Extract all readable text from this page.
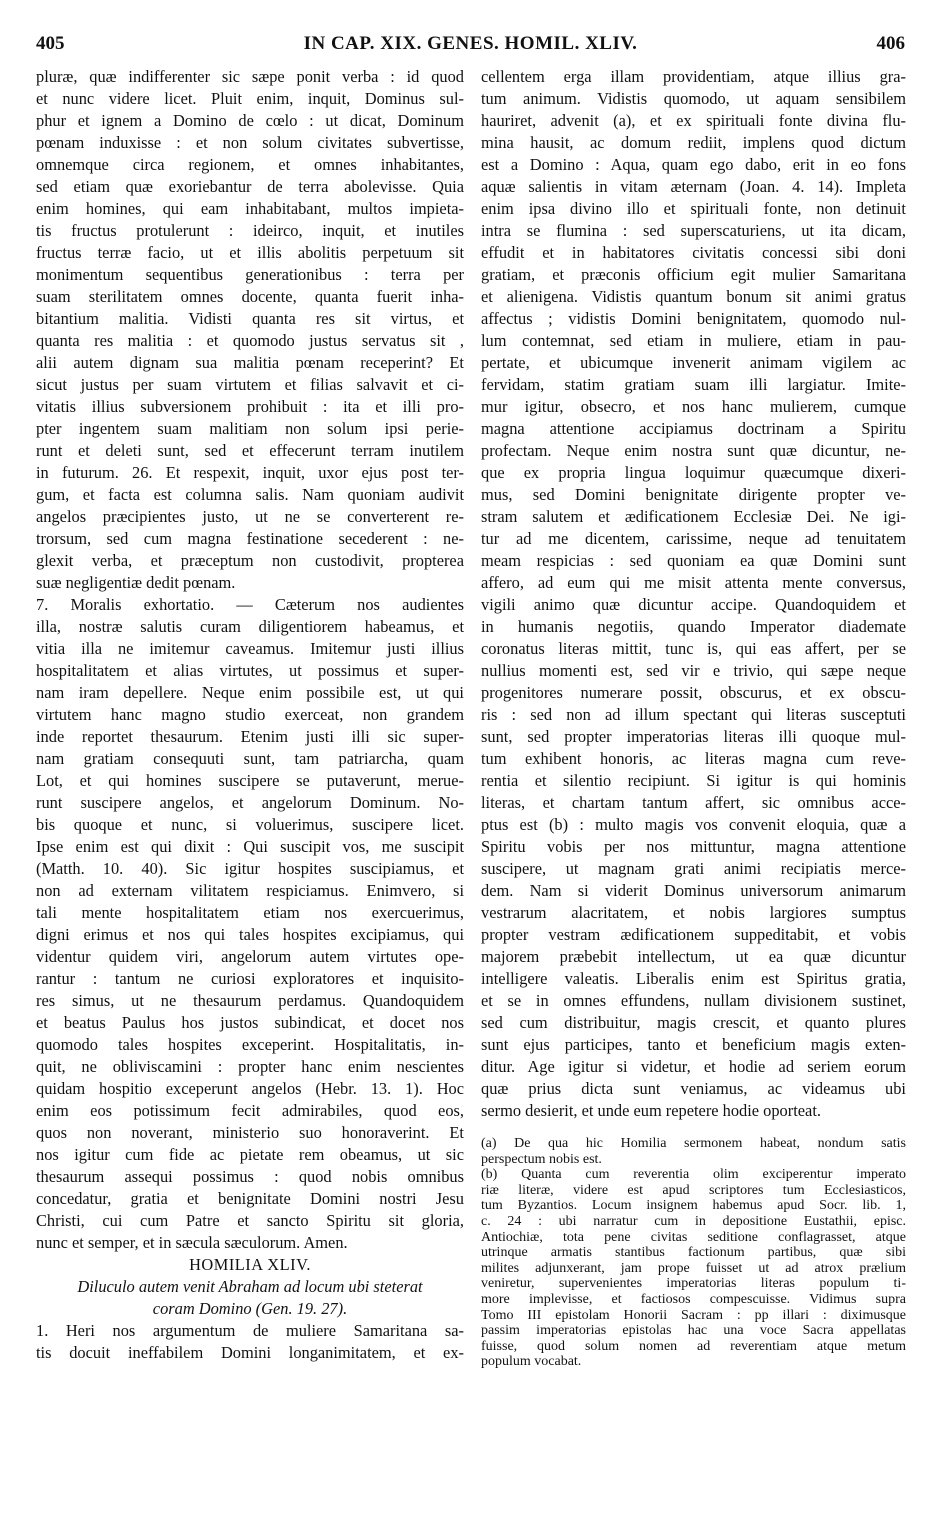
405	IN CAP. XIX. GENES. HOMIL. XLIV.	406
pluræ, quæ indifferenter sic sæpe ponit verba : id quod
et nunc videre licet. Pluit enim, inquit, Dominus sul-
phur et ignem a Domino de cœlo : ut dicat, Dominum
pœnam induxisse : et non solum civitates subvertisse,
omnemque circa regionem, et omnes inhabitantes,
sed etiam quæ exoriebantur de terra abolevisse. Quia
enim homines, qui eam inhabitabant, multos impieta-
tis fructus protulerunt : ideirco, inquit, et inutiles
fructus terræ facio, ut et illis abolitis perpetuum sit
monimentum sequentibus generationibus : terra per
suam sterilitatem omnes docente, quanta fuerit inha-
bitantium malitia. Vidisti quanta res sit virtus, et
quanta res malitia : et quomodo justus servatus sit ,
alii autem dignam sua malitia pœnam receperint? Et
sicut justus per suam virtutem et filias salvavit et ci-
vitatis illius subversionem prohibuit : ita et illi pro-
pter ingentem suam malitiam non solum ipsi perie-
runt et deleti sunt, sed et effecerunt terram inutilem
in futurum. 26. Et respexit, inquit, uxor ejus post ter-
gum, et facta est columna salis. Nam quoniam audivit
angelos præcipientes justo, ut ne se converterent re-
trorsum, sed cum magna festinatione secederent : ne-
glexit verba, et præceptum non custodivit, propterea
suæ negligentiæ dedit pœnam.
7. Moralis exhortatio. — Cæterum nos audientes
illa, nostræ salutis curam diligentiorem habeamus, et
vitia illa ne imitemur caveamus. Imitemur justi illius
hospitalitatem et alias virtutes, ut possimus et super-
nam iram depellere. Neque enim possibile est, ut qui
virtutem hanc magno studio exerceat, non grandem
inde reportet thesaurum. Etenim justi illi sic super-
nam gratiam consequuti sunt, tam patriarcha, quam
Lot, et qui homines suscipere se putaverunt, merue-
runt suscipere angelos, et angelorum Dominum. No-
bis quoque et nunc, si voluerimus, suscipere licet.
Ipse enim est qui dixit : Qui suscipit vos, me suscipit
(Matth. 10. 40). Sic igitur hospites suscipiamus, et
non ad externam vilitatem respiciamus. Enimvero, si
tali mente hospitalitatem etiam nos exercuerimus,
digni erimus et nos qui tales hospites excipiamus, qui
videntur quidem viri, angelorum autem virtutes ope-
rantur : tantum ne curiosi exploratores et inquisito-
res simus, ut ne thesaurum perdamus. Quandoquidem
et beatus Paulus hos justos subindicat, et docet nos
quomodo tales hospites exceperint. Hospitalitatis, in-
quit, ne obliviscamini : propter hanc enim nescientes
quidam hospitio exceperunt angelos (Hebr. 13. 1). Hoc
enim eos potissimum fecit admirabiles, quod eos,
quos non noverant, ministerio suo honoraverint. Et
nos igitur cum fide ac pietate rem obeamus, ut sic
thesaurum assequi possimus : quod nobis omnibus
concedatur, gratia et benignitate Domini nostri Jesu
Christi, cui cum Patre et sancto Spiritu sit gloria,
nunc et semper, et in sæcula sæculorum. Amen.
HOMILIA XLIV.
Diluculo autem venit Abraham ad locum ubi steterat
coram Domino (Gen. 19. 27).
1. Heri nos argumentum de muliere Samaritana sa-
tis docuit ineffabilem Domini longanimitatem, et ex-
cellentem erga illam providentiam, atque illius gra-
tum animum. Vidistis quomodo, ut aquam sensibilem
hauriret, advenit (a), et ex spirituali fonte divina flu-
mina hausit, ac domum rediit, implens quod dictum
est a Domino : Aqua, quam ego dabo, erit in eo fons
aquæ salientis in vitam æternam (Joan. 4. 14). Impleta
enim ipsa divino illo et spirituali fonte, non detinuit
intra se flumina : sed superscaturiens, ut ita dicam,
effudit et in habitatores civitatis concessi sibi doni
gratiam, et præconis officium egit mulier Samaritana
et alienigena. Vidistis quantum bonum sit animi gratus
affectus ; vidistis Domini benignitatem, quomodo nul-
lum contemnat, sed etiam in muliere, etiam in pau-
pertate, et ubicumque invenerit animam vigilem ac
fervidam, statim gratiam suam illi largiatur. Imite-
mur igitur, obsecro, et nos hanc mulierem, cumque
magna attentione accipiamus doctrinam a Spiritu
profectam. Neque enim nostra sunt quæ dicuntur, ne-
que ex propria lingua loquimur quæcumque dixeri-
mus, sed Domini benignitate dirigente propter ve-
stram salutem et ædificationem Ecclesiæ Dei. Ne igi-
tur ad me dicentem, carissime, neque ad tenuitatem
meam respicias : sed quoniam ea quæ Domini sunt
affero, ad eum qui me misit attenta mente conversus,
vigili animo quæ dicuntur accipe. Quandoquidem et
in humanis negotiis, quando Imperator diademate
coronatus literas mittit, tunc is, qui eas affert, per se
nullius momenti est, sed vir e trivio, qui sæpe neque
progenitores numerare possit, obscurus, et ex obscu-
ris : sed non ad illum spectant qui literas susceptuti
sunt, sed propter imperatorias literas illi quoque mul-
tum exhibent honoris, ac literas magna cum reve-
rentia et silentio recipiunt. Si igitur is qui hominis
literas, et chartam tantum affert, sic omnibus acce-
ptus est (b) : multo magis vos convenit eloquia, quæ a
Spiritu vobis per nos mittuntur, magna attentione
suscipere, ut magnam grati animi recipiatis merce-
dem. Nam si viderit Dominus universorum animarum
vestrarum alacritatem, et nobis largiores sumptus
propter vestram ædificationem suppeditabit, et vobis
majorem præbebit intellectum, ut ea quæ dicuntur
intelligere valeatis. Liberalis enim est Spiritus gratia,
et se in omnes effundens, nullam divisionem sustinet,
sed cum distribuitur, magis crescit, et quanto plures
sunt ejus participes, tanto et beneficium magis exten-
ditur. Age igitur si videtur, et hodie ad seriem eorum
quæ prius dicta sunt veniamus, ac videamus ubi
sermo desierit, et unde eum repetere hodie oporteat.
(a) De qua hic Homilia sermonem habeat, nondum satis
perspectum nobis est.
(b) Quanta cum reverentia olim exciperentur imperato
riæ literæ, videre est apud scriptores tum Ecclesiasticos,
tum Byzantios. Locum insignem habemus apud Socr. lib. 1,
c. 24 : ubi narratur cum in depositione Eustathii, episc.
Antiochiæ, tota pene civitas seditione conflagrasset, atque
utrinque armatis stantibus factionum partibus, quæ sibi
milites adjunxerant, jam prope fuisset ut ad atrox prælium
veniretur, supervenientes imperatorias literas populum ti-
more implevisse, et factiosos compescuisse. Vidimus supra
Tomo III epistolam Honorii Sacram : pp illari : diximusque
passim imperatorias epistolas hac una voce Sacra appellatas
fuisse, quod solum nomen ad reverentiam atque metum
populum vocabat.
